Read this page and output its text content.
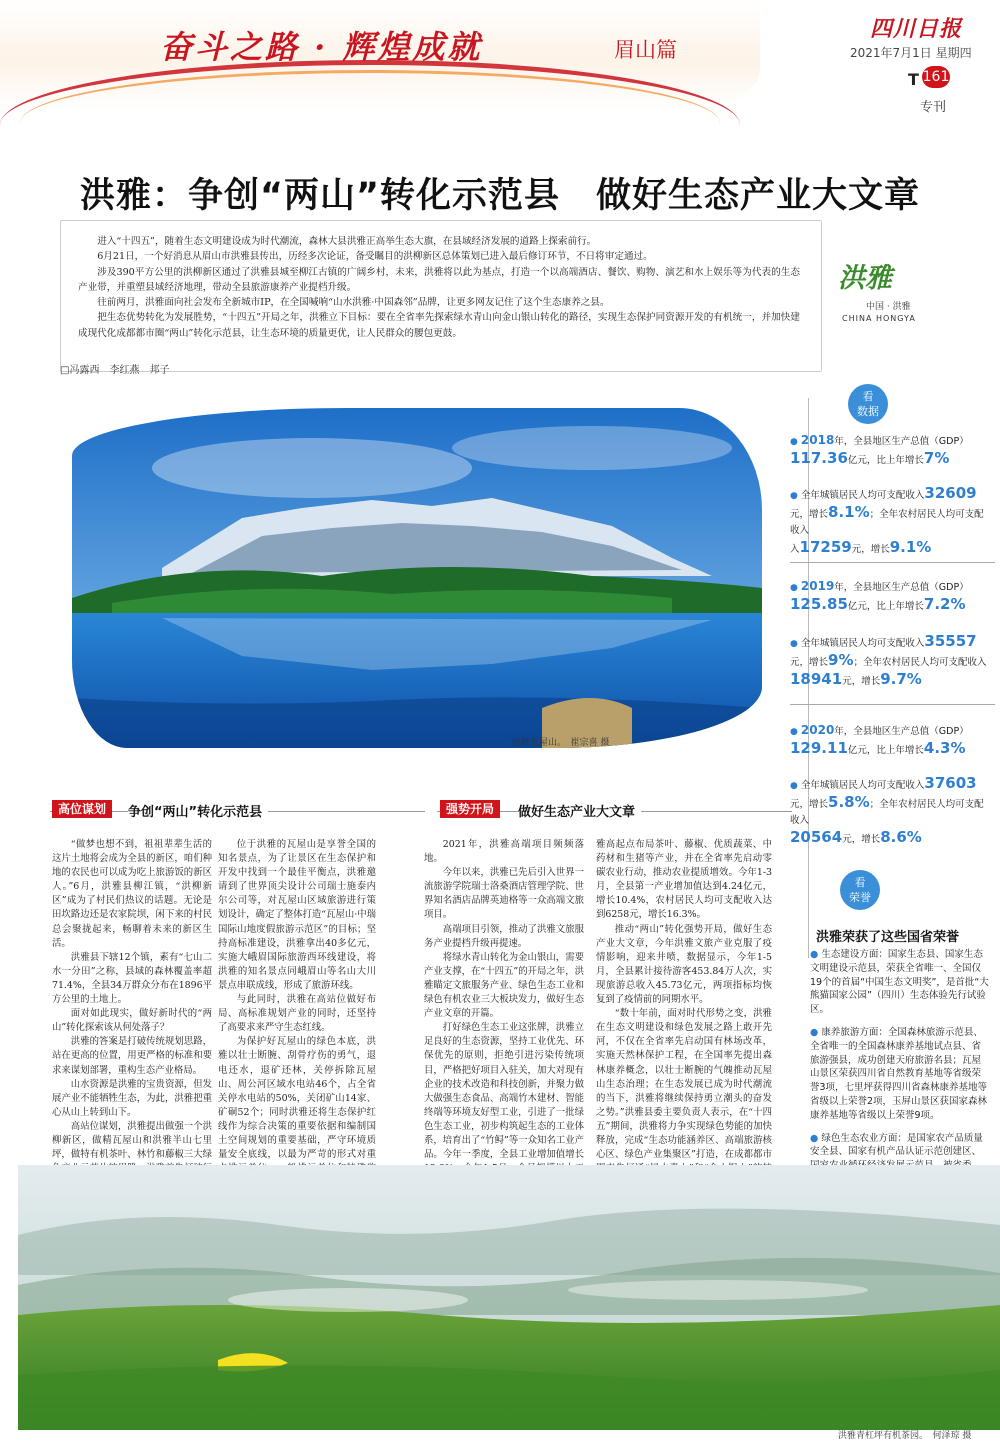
奋斗之路 · 辉煌成就	眉山篇
四川日报
2021年7月1日 星期四
T 161
专刊
洪雅：争创“两山”转化示范县　做好生态产业大文章

进入“十四五”，随着生态文明建设成为时代潮流，森林大县洪雅正高举生态大旗，在县域经济发展的道路上探索前行。

6月21日，一个好消息从眉山市洪雅县传出，历经多次论证，备受瞩目的洪柳新区总体策划已进入最后修订环节，不日将审定通过。

涉及390平方公里的洪柳新区通过了洪雅县城至柳江古镇的广阔乡村，未来，洪雅将以此为基点，打造一个以高端酒店、餐饮、购物、演艺和水上娱乐等为代表的生态产业带，并重塑县域经济地理，带动全县旅游康养产业提档升级。

往前两月，洪雅面向社会发布全新城市IP，在全国喊响“山水洪雅·中国森邻”品牌，让更多网友记住了这个生态康养之县。

把生态优势转化为发展胜势，“十四五”开局之年，洪雅立下目标：要在全省率先探索绿水青山向金山银山转化的路径，实现生态保护同资源开发的有机统一，并加快建成现代化成都都市圈“两山”转化示范县，让生态环境的质量更优，让人民群众的腰包更鼓。

□冯露西　李红燕　邦子
洪雅
中国 · 洪雅
CHINA HONGYA
远眺瓦屋山。　崔宗喜 摄
高位谋划	争创“两山”转化示范县	强势开局	做好生态产业大文章

“做梦也想不到，祖祖辈辈生活的这片土地将会成为全县的新区，咱们种地的农民也可以成为吃上旅游饭的新区人。”6月，洪雅县柳江镇，“洪柳新区”成为了村民们热议的话题。无论是田坎路边还是农家院坝，闲下来的村民总会聚拢起来，畅聊着未来的新区生活。

洪雅县下辖12个镇，素有“七山二水一分田”之称，县域的森林覆盖率超71.4%，全县34万群众分布在1896平方公里的土地上。

面对如此现实，做好新时代的“两山”转化探索该从何处落子？

洪雅的答案是打破传统规划思路，站在更高的位置，用更严格的标准和要求来谋划部署，重构生态产业格局。

山水资源是洪雅的宝贵资源，但发展产业不能牺牲生态，为此，洪雅把重心从山上转到山下。

高站位谋划，洪雅提出做强一个洪柳新区，做精瓦屋山和洪雅半山七里坪，做特有机茶叶、林竹和藤椒三大绿

位于洪雅的瓦屋山是享誉全国的知名景点，为了让景区在生态保护和开发中找到一个最佳平衡点，洪雅邀请到了世界顶尖设计公司瑞士施泰内尔公司等，对瓦屋山区域旅游进行策划设计，确定了整体打造“瓦屋山·中瑞国际山地度假旅游示范区”的目标；坚持高标准建设，洪雅拿出40多亿元，实施大峨眉国际旅游西环线建设，将洪雅的知名景点同峨眉山等名山大川景点串联成线，形成了旅游环线。

与此同时，洪雅在高站位做好布局、高标准规划产业的同时，还坚持了高要求来严守生态红线。

为保护好瓦屋山的绿色本底，洪雅以壮士断腕、刮骨疗伤的勇气，退电还水，退矿还林，关停拆除瓦屋山、周公河区域水电站46个，占全省关停水电站的50%，关闭矿山14家、矿硐52个；同时洪雅还将生态保护红线作为综合决策的重要依据和编制国土空间规划的重要基础，严守环境质量安全底线，以最为严苛的形式对重

2021年，洪雅高端项目频频落地。

今年以来，洪雅已先后引入世界一流旅游学院瑞士洛桑酒店管理学院、世界知名酒店品牌英迪格等一众高端文旅项目。

高端项目引领，推动了洪雅文旅服务产业提档升级再提速。

将绿水青山转化为金山银山，需要产业支撑，在“十四五”的开局之年，洪雅瞄定文旅服务产业、绿色生态工业和绿色有机农业三大板块发力，做好生态产业文章的开篇。

打好绿色生态工业这张牌，洪雅立足良好的生态资源，坚持工业优先、环保优先的原则，拒绝引进污染传统项目，严格把好项目入驻关，加大对现有企业的技术改造和科技创新，并聚力做大做强生态食品、高端竹木建材、智能终端等环境友好型工业，引进了一批绿色生态工业，初步构筑起生态的工业体系，培育出了“竹鲟”等一众知名工业产品。今年一季度，全县工业增加值增长

雅高起点布局茶叶、藤椒、优质蔬菜、中药材和生猪等产业，并在全省率先启动零碳农业行动，推动农业提质增效。今年1-3月，全县第一产业增加值达到4.24亿元，增长10.4%，农村居民人均可支配收入达到6258元，增长16.3%。

推动“两山”转化强势开局，做好生态产业大文章，今年洪雅文旅产业克服了疫情影响，迎来井喷，数据显示，今年1-5月，全县累计接待游客453.84万人次，实现旅游总收入45.73亿元，两项指标均恢复到了疫情前的同期水平。

“数十年前，面对时代形势之变，洪雅在生态文明建设和绿色发展之路上敢开先河，不仅在全省率先启动国有林场改革，实施天然林保护工程，在全国率先提出森林康养概念，以壮士断腕的气魄推动瓦屋山生态治理；在生态发展已成为时代潮流的当下，洪雅将继续保持勇立潮头的奋发之势。”洪雅县委主要负责人表示，在“十四五”期间，洪雅将力争实现绿色势能的加快释放，完成“生态功能涵养区、高端旅游核心区、绿色产业集聚区”打造，在成都都市

看
数据
● 2018年，全县地区生产总值（GDP）
117.36亿元，比上年增长7%
● 全年城镇居民人均可支配收入32609
元，增长8.1%；全年农村居民人均可支配收入
入17259元，增长9.1%
● 2019年，全县地区生产总值（GDP）
125.85亿元，比上年增长7.2%
● 全年城镇居民人均可支配收入35557
元，增长9%；全年农村居民人均可支配收入
18941元，增长9.7%
● 2020年，全县地区生产总值（GDP）
129.11亿元，比上年增长4.3%
● 全年城镇居民人均可支配收入37603
元，增长5.8%；全年农村居民人均可支配收入
20564元，增长8.6%
看
荣誉
洪雅荣获了这些国省荣誉

● 生态建设方面：国家生态县、国家生态文明建设示范县，荣获全省唯一、全国仅19个的首届“中国生态文明奖”，是首批“大熊猫国家公园”（四川）生态体验先行试验区。

● 康养旅游方面：全国森林旅游示范县、全省唯一的全国森林康养基地试点县、省旅游强县，成功创建天府旅游名县；瓦屋山景区荣获四川省自然教育基地等省级荣誉3项，七里坪获得四川省森林康养基地等省级以上荣誉2项，玉屏山景区获国家森林康养基地等省级以上荣誉9项。

● 绿色生态农业方面：是国家农产品质量安全县、国家有机产品认证示范创建区、

洪雅青杠坪有机茶园。　何泽琼 摄
